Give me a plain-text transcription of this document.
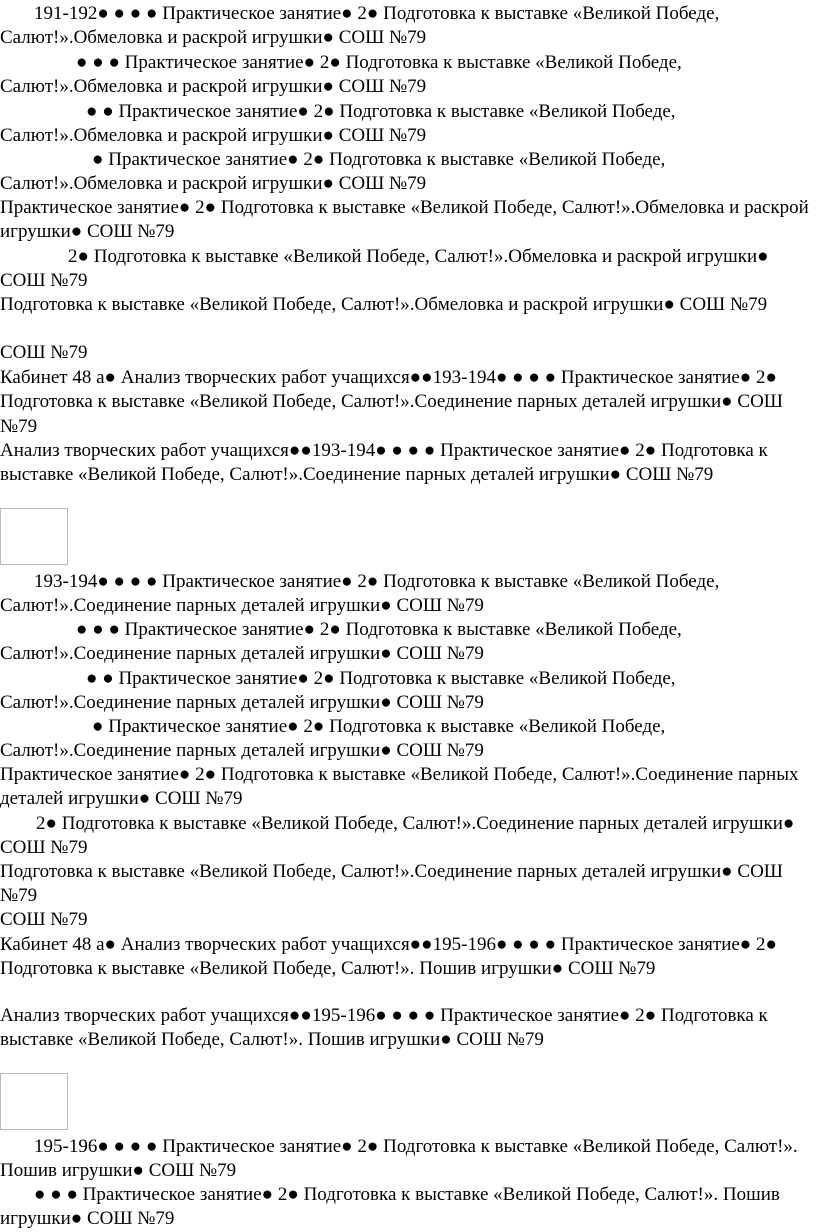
191-192● ● ● ● Практическое занятие● 2● Подготовка к выставке «Великой Победе, Салют!».Обмеловка и раскрой игрушки● СОШ №79

● ● ● Практическое занятие● 2● Подготовка к выставке «Великой Победе, Салют!».Обмеловка и раскрой игрушки● СОШ №79

● ● Практическое занятие● 2● Подготовка к выставке «Великой Победе, Салют!».Обмеловка и раскрой игрушки● СОШ №79

● Практическое занятие● 2● Подготовка к выставке «Великой Победе, Салют!».Обмеловка и раскрой игрушки● СОШ №79

Практическое занятие● 2● Подготовка к выставке «Великой Победе, Салют!».Обмеловка и раскрой игрушки● СОШ №79

2● Подготовка к выставке «Великой Победе, Салют!».Обмеловка и раскрой игрушки● СОШ №79

Подготовка к выставке «Великой Победе, Салют!».Обмеловка и раскрой игрушки● СОШ №79

СОШ №79

Кабинет 48 а● Анализ творческих работ учащихся●●193-194● ● ● ● Практическое занятие● 2● Подготовка к выставке «Великой Победе, Салют!».Соединение парных деталей игрушки● СОШ №79

Анализ творческих работ учащихся●●193-194● ● ● ● Практическое занятие● 2● Подготовка к выставке «Великой Победе, Салют!».Соединение парных деталей игрушки● СОШ №79

193-194● ● ● ● Практическое занятие● 2● Подготовка к выставке «Великой Победе, Салют!».Соединение парных деталей игрушки● СОШ №79

● ● ● Практическое занятие● 2● Подготовка к выставке «Великой Победе, Салют!».Соединение парных деталей игрушки● СОШ №79

● ● Практическое занятие● 2● Подготовка к выставке «Великой Победе, Салют!».Соединение парных деталей игрушки● СОШ №79

● Практическое занятие● 2● Подготовка к выставке «Великой Победе, Салют!».Соединение парных деталей игрушки● СОШ №79

Практическое занятие● 2● Подготовка к выставке «Великой Победе, Салют!».Соединение парных деталей игрушки● СОШ №79

2● Подготовка к выставке «Великой Победе, Салют!».Соединение парных деталей игрушки● СОШ №79

Подготовка к выставке «Великой Победе, Салют!».Соединение парных деталей игрушки● СОШ №79

СОШ №79

Кабинет 48 а● Анализ творческих работ учащихся●●195-196● ● ● ● Практическое занятие● 2● Подготовка к выставке «Великой Победе, Салют!». Пошив игрушки● СОШ №79

Анализ творческих работ учащихся●●195-196● ● ● ● Практическое занятие● 2● Подготовка к выставке «Великой Победе, Салют!». Пошив игрушки● СОШ №79

195-196● ● ● ● Практическое занятие● 2● Подготовка к выставке «Великой Победе, Салют!». Пошив игрушки● СОШ №79

● ● ● Практическое занятие● 2● Подготовка к выставке «Великой Победе, Салют!». Пошив игрушки● СОШ №79
